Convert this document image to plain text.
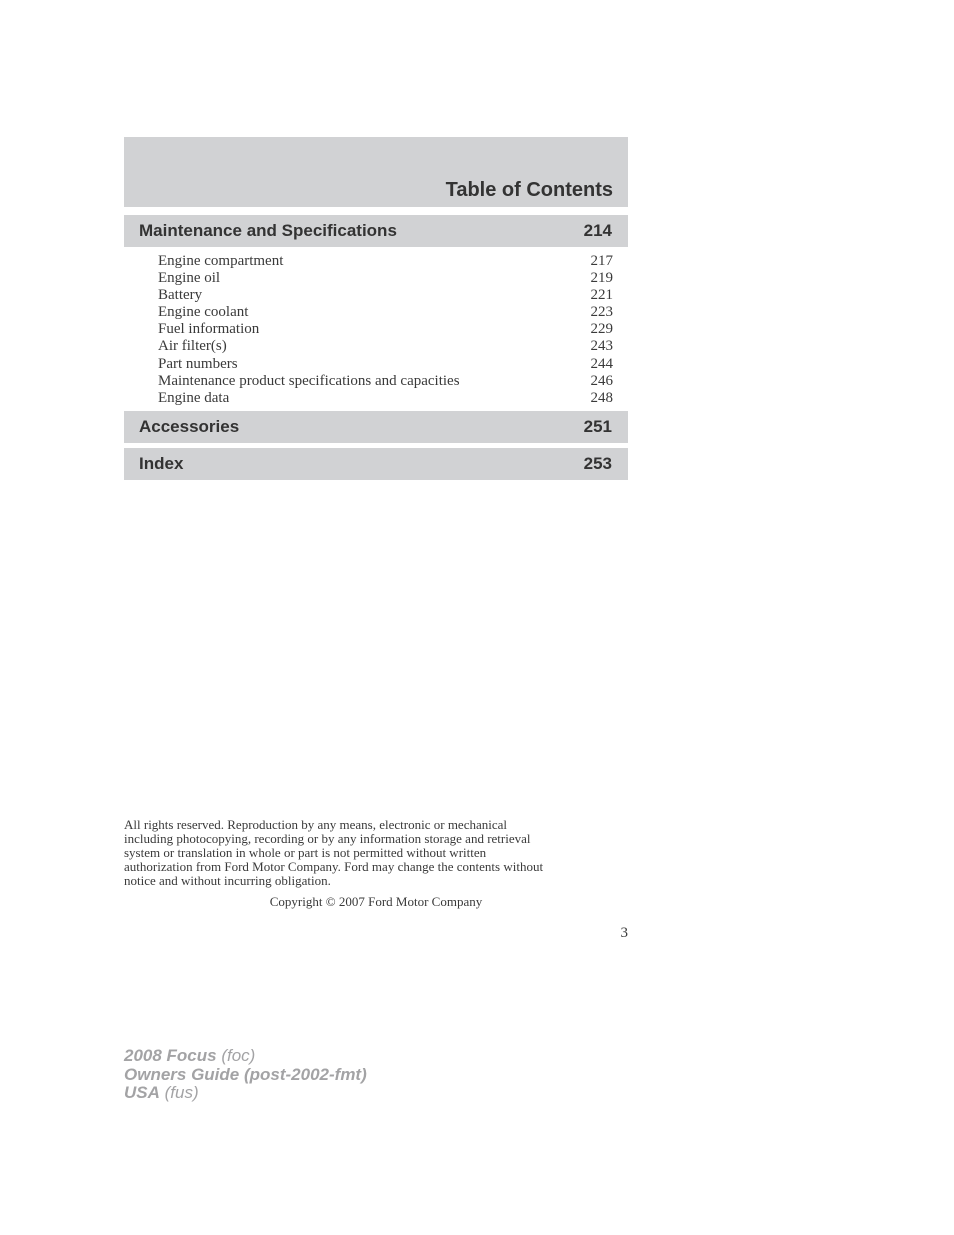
Table of Contents
Maintenance and Specifications	214
Engine compartment	217
Engine oil	219
Battery	221
Engine coolant	223
Fuel information	229
Air filter(s)	243
Part numbers	244
Maintenance product specifications and capacities	246
Engine data	248
Accessories	251
Index	253
All rights reserved. Reproduction by any means, electronic or mechanical
including photocopying, recording or by any information storage and retrieval
system or translation in whole or part is not permitted without written
authorization from Ford Motor Company. Ford may change the contents without
notice and without incurring obligation.
Copyright © 2007 Ford Motor Company
3
2008 Focus (foc)
Owners Guide (post-2002-fmt)
USA (fus)
